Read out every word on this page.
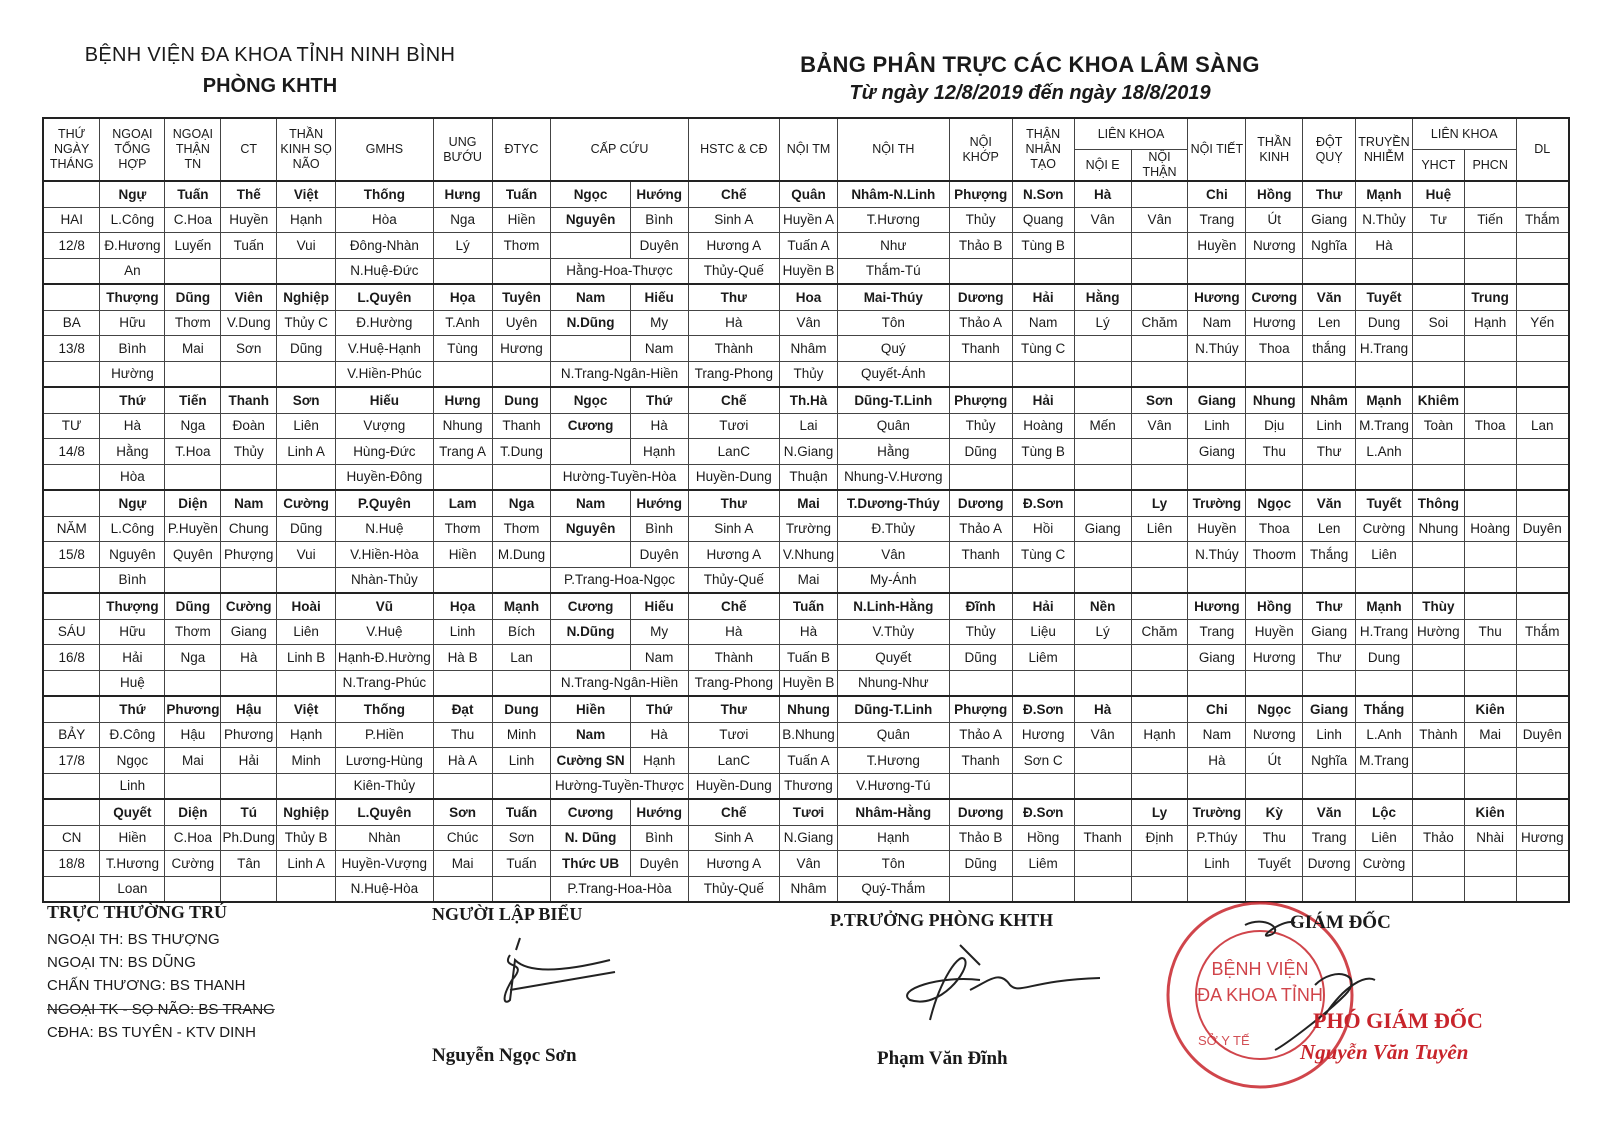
BỆNH VIỆN ĐA KHOA TỈNH NINH BÌNH
PHÒNG KHTH
BẢNG PHÂN TRỰC CÁC KHOA LÂM SÀNG
Từ ngày 12/8/2019 đến ngày 18/8/2019
THỨ NGÀY THÁNG	NGOẠI TỔNG HỢP	NGOẠI THẬN TN	CT	THẦN KINH SỌ NÃO	GMHS	UNG BƯỚU	ĐTYC	CẤP CỨU		HSTC & CĐ	NỘI TM	NỘI TH	NỘI KHỚP	THẬN NHÂN TẠO	LIÊN KHOA		NỘI TIẾT	THẦN KINH	ĐỘT QUỴ	TRUYỀN NHIỄM	LIÊN KHOA		DL
															NỘI E	NỘI THẬN					YHCT	PHCN	
	Ngự	Tuấn	Thế	Việt	Thống	Hưng	Tuấn	Ngọc	Hướng	Chế	Quân	Nhâm-N.Linh	Phượng	N.Sơn	Hà		Chi	Hồng	Thư	Mạnh	Huệ		
HAI	L.Công	C.Hoa	Huyền	Hạnh	Hòa	Nga	Hiền	Nguyên	Bình	Sinh A	Huyền A	T.Hương	Thủy	Quang	Vân	Vân	Trang	Út	Giang	N.Thủy	Tư	Tiến	Thắm
12/8	Đ.Hương	Luyến	Tuấn	Vui	Đông-Nhàn	Lý	Thơm		Duyên	Hương A	Tuấn A	Như	Thảo B	Tùng B			Huyền	Nương	Nghĩa	Hà			
	An				N.Huệ-Đức			Hằng-Hoa-Thược		Thủy-Quế	Huyền B	Thắm-Tú											
	Thượng	Dũng	Viên	Nghiệp	L.Quyên	Họa	Tuyên	Nam	Hiếu	Thư	Hoa	Mai-Thúy	Dương	Hải	Hằng		Hương	Cương	Văn	Tuyết		Trung	
BA	Hữu	Thơm	V.Dung	Thủy C	Đ.Hường	T.Anh	Uyên	N.Dũng	My	Hà	Vân	Tôn	Thảo A	Nam	Lý	Chăm	Nam	Hương	Len	Dung	Soi	Hạnh	Yến
13/8	Bình	Mai	Sơn	Dũng	V.Huệ-Hạnh	Tùng	Hương		Nam	Thành	Nhâm	Quý	Thanh	Tùng C			N.Thúy	Thoa	thắng	H.Trang			
	Hường				V.Hiền-Phúc			N.Trang-Ngân-Hiền		Trang-Phong	Thủy	Quyết-Ánh											
	Thứ	Tiến	Thanh	Sơn	Hiếu	Hưng	Dung	Ngọc	Thứ	Chế	Th.Hà	Dũng-T.Linh	Phượng	Hải		Sơn	Giang	Nhung	Nhâm	Mạnh	Khiêm		
TƯ	Hà	Nga	Đoàn	Liên	Vượng	Nhung	Thanh	Cương	Hà	Tươi	Lai	Quân	Thủy	Hoàng	Mến	Vân	Linh	Dịu	Linh	M.Trang	Toàn	Thoa	Lan
14/8	Hằng	T.Hoa	Thủy	Linh A	Hùng-Đức	Trang A	T.Dung		Hạnh	LanC	N.Giang	Hằng	Dũng	Tùng B			Giang	Thu	Thư	L.Anh			
	Hòa				Huyền-Đông			Hường-Tuyền-Hòa		Huyền-Dung	Thuận	Nhung-V.Hương											
	Ngự	Diện	Nam	Cường	P.Quyên	Lam	Nga	Nam	Hướng	Thư	Mai	T.Dương-Thúy	Dương	Đ.Sơn		Ly	Trường	Ngọc	Văn	Tuyết	Thông		
NĂM	L.Công	P.Huyền	Chung	Dũng	N.Huệ	Thơm	Thơm	Nguyên	Bình	Sinh A	Trường	Đ.Thủy	Thảo A	Hồi	Giang	Liên	Huyền	Thoa	Len	Cường	Nhung	Hoàng	Duyên
15/8	Nguyên	Quyên	Phượng	Vui	V.Hiền-Hòa	Hiền	M.Dung		Duyên	Hương A	V.Nhung	Vân	Thanh	Tùng C			N.Thúy	Thoơm	Thắng	Liên			
	Bình				Nhàn-Thủy			P.Trang-Hoa-Ngọc		Thủy-Quế	Mai	My-Ánh											
	Thượng	Dũng	Cường	Hoài	Vũ	Họa	Mạnh	Cương	Hiếu	Chế	Tuấn	N.Linh-Hằng	Đĩnh	Hải	Nền		Hương	Hồng	Thư	Mạnh	Thùy		
SÁU	Hữu	Thơm	Giang	Liên	V.Huệ	Linh	Bích	N.Dũng	My	Hà	Hà	V.Thủy	Thủy	Liệu	Lý	Chăm	Trang	Huyền	Giang	H.Trang	Hường	Thu	Thắm
16/8	Hải	Nga	Hà	Linh B	Hạnh-Đ.Hường	Hà B	Lan		Nam	Thành	Tuấn B	Quyết	Dũng	Liêm			Giang	Hương	Thư	Dung			
	Huệ				N.Trang-Phúc			N.Trang-Ngân-Hiền		Trang-Phong	Huyền B	Nhung-Như											
	Thứ	Phương	Hậu	Việt	Thống	Đạt	Dung	Hiền	Thứ	Thư	Nhung	Dũng-T.Linh	Phượng	Đ.Sơn	Hà		Chi	Ngọc	Giang	Thắng		Kiên	
BẢY	Đ.Công	Hậu	Phương	Hạnh	P.Hiền	Thu	Minh	Nam	Hà	Tươi	B.Nhung	Quân	Thảo A	Hương	Vân	Hạnh	Nam	Nương	Linh	L.Anh	Thành	Mai	Duyên
17/8	Ngọc	Mai	Hải	Minh	Lương-Hùng	Hà A	Linh	Cường SN	Hạnh	LanC	Tuấn A	T.Hương	Thanh	Sơn C			Hà	Út	Nghĩa	M.Trang			
	Linh				Kiên-Thủy			Hường-Tuyền-Thược		Huyền-Dung	Thương	V.Hương-Tú											
	Quyết	Diện	Tú	Nghiệp	L.Quyên	Sơn	Tuấn	Cương	Hướng	Chế	Tươi	Nhâm-Hằng	Dương	Đ.Sơn		Ly	Trường	Kỳ	Văn	Lộc		Kiên	
CN	Hiền	C.Hoa	Ph.Dung	Thủy B	Nhàn	Chúc	Sơn	N. Dũng	Bình	Sinh A	N.Giang	Hạnh	Thảo B	Hồng	Thanh	Định	P.Thúy	Thu	Trang	Liên	Thảo	Nhài	Hương
18/8	T.Hương	Cường	Tân	Linh A	Huyền-Vượng	Mai	Tuấn	Thức UB	Duyên	Hương A	Vân	Tôn	Dũng	Liêm			Linh	Tuyết	Dương	Cường			
	Loan				N.Huệ-Hòa			P.Trang-Hoa-Hòa		Thủy-Quế	Nhâm	Quý-Thắm											
TRỰC THƯỜNG TRÚ
NGOẠI TH: BS THƯỢNG
NGOẠI TN: BS DŨNG
CHẤN THƯƠNG: BS THANH
NGOẠI TK - SỌ NÃO: BS TRANG
CĐHA: BS TUYÊN - KTV DINH
NGƯỜI LẬP BIỂU
Nguyễn Ngọc Sơn
P.TRƯỞNG PHÒNG KHTH
Phạm Văn Đĩnh
BỆNH VIỆN
ĐA KHOA TỈNH
SỞ Y TẾ
GIÁM ĐỐC
PHÓ GIÁM ĐỐC
Nguyễn Văn Tuyên
